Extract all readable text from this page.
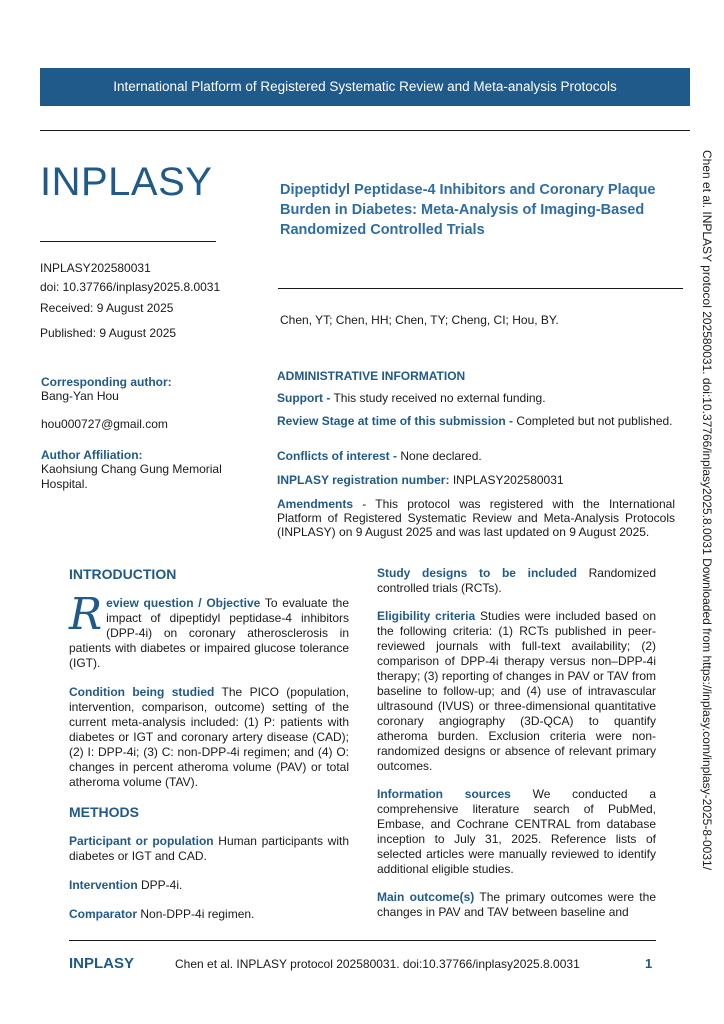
International Platform of Registered Systematic Review and Meta-analysis Protocols
INPLASY	Dipeptidyl Peptidase-4 Inhibitors and Coronary Plaque Burden in Diabetes: Meta-Analysis of Imaging-Based Randomized Controlled Trials
INPLASY202580031
doi: 10.37766/inplasy2025.8.0031
Received: 9 August 2025
Published: 9 August 2025
Chen, YT; Chen, HH; Chen, TY; Cheng, CI; Hou, BY.
Corresponding author:
Bang-Yan Hou
hou000727@gmail.com
Author Affiliation:
Kaohsiung Chang Gung Memorial Hospital.
ADMINISTRATIVE INFORMATION
Support - This study received no external funding.
Review Stage at time of this submission - Completed but not published.
Conflicts of interest - None declared.
INPLASY registration number: INPLASY202580031
Amendments - This protocol was registered with the International Platform of Registered Systematic Review and Meta-Analysis Protocols (INPLASY) on 9 August 2025 and was last updated on 9 August 2025.
INTRODUCTION
Review question / Objective To evaluate the impact of dipeptidyl peptidase-4 inhibitors (DPP-4i) on coronary atherosclerosis in patients with diabetes or impaired glucose tolerance (IGT).
Condition being studied The PICO (population, intervention, comparison, outcome) setting of the current meta-analysis included: (1) P: patients with diabetes or IGT and coronary artery disease (CAD); (2) I: DPP-4i; (3) C: non-DPP-4i regimen; and (4) O: changes in percent atheroma volume (PAV) or total atheroma volume (TAV).
METHODS
Participant or population Human participants with diabetes or IGT and CAD.
Intervention DPP-4i.
Comparator Non-DPP-4i regimen.
Study designs to be included Randomized controlled trials (RCTs).
Eligibility criteria Studies were included based on the following criteria: (1) RCTs published in peer-reviewed journals with full-text availability; (2) comparison of DPP-4i therapy versus non–DPP-4i therapy; (3) reporting of changes in PAV or TAV from baseline to follow-up; and (4) use of intravascular ultrasound (IVUS) or three-dimensional quantitative coronary angiography (3D-QCA) to quantify atheroma burden. Exclusion criteria were non-randomized designs or absence of relevant primary outcomes.
Information sources We conducted a comprehensive literature search of PubMed, Embase, and Cochrane CENTRAL from database inception to July 31, 2025. Reference lists of selected articles were manually reviewed to identify additional eligible studies.
Main outcome(s) The primary outcomes were the changes in PAV and TAV between baseline and
Chen et al. INPLASY protocol 202580031. doi:10.37766/inplasy2025.8.0031 Downloaded from https://inplasy.com/inplasy-2025-8-0031/
INPLASY	Chen et al. INPLASY protocol 202580031. doi:10.37766/inplasy2025.8.0031	1
